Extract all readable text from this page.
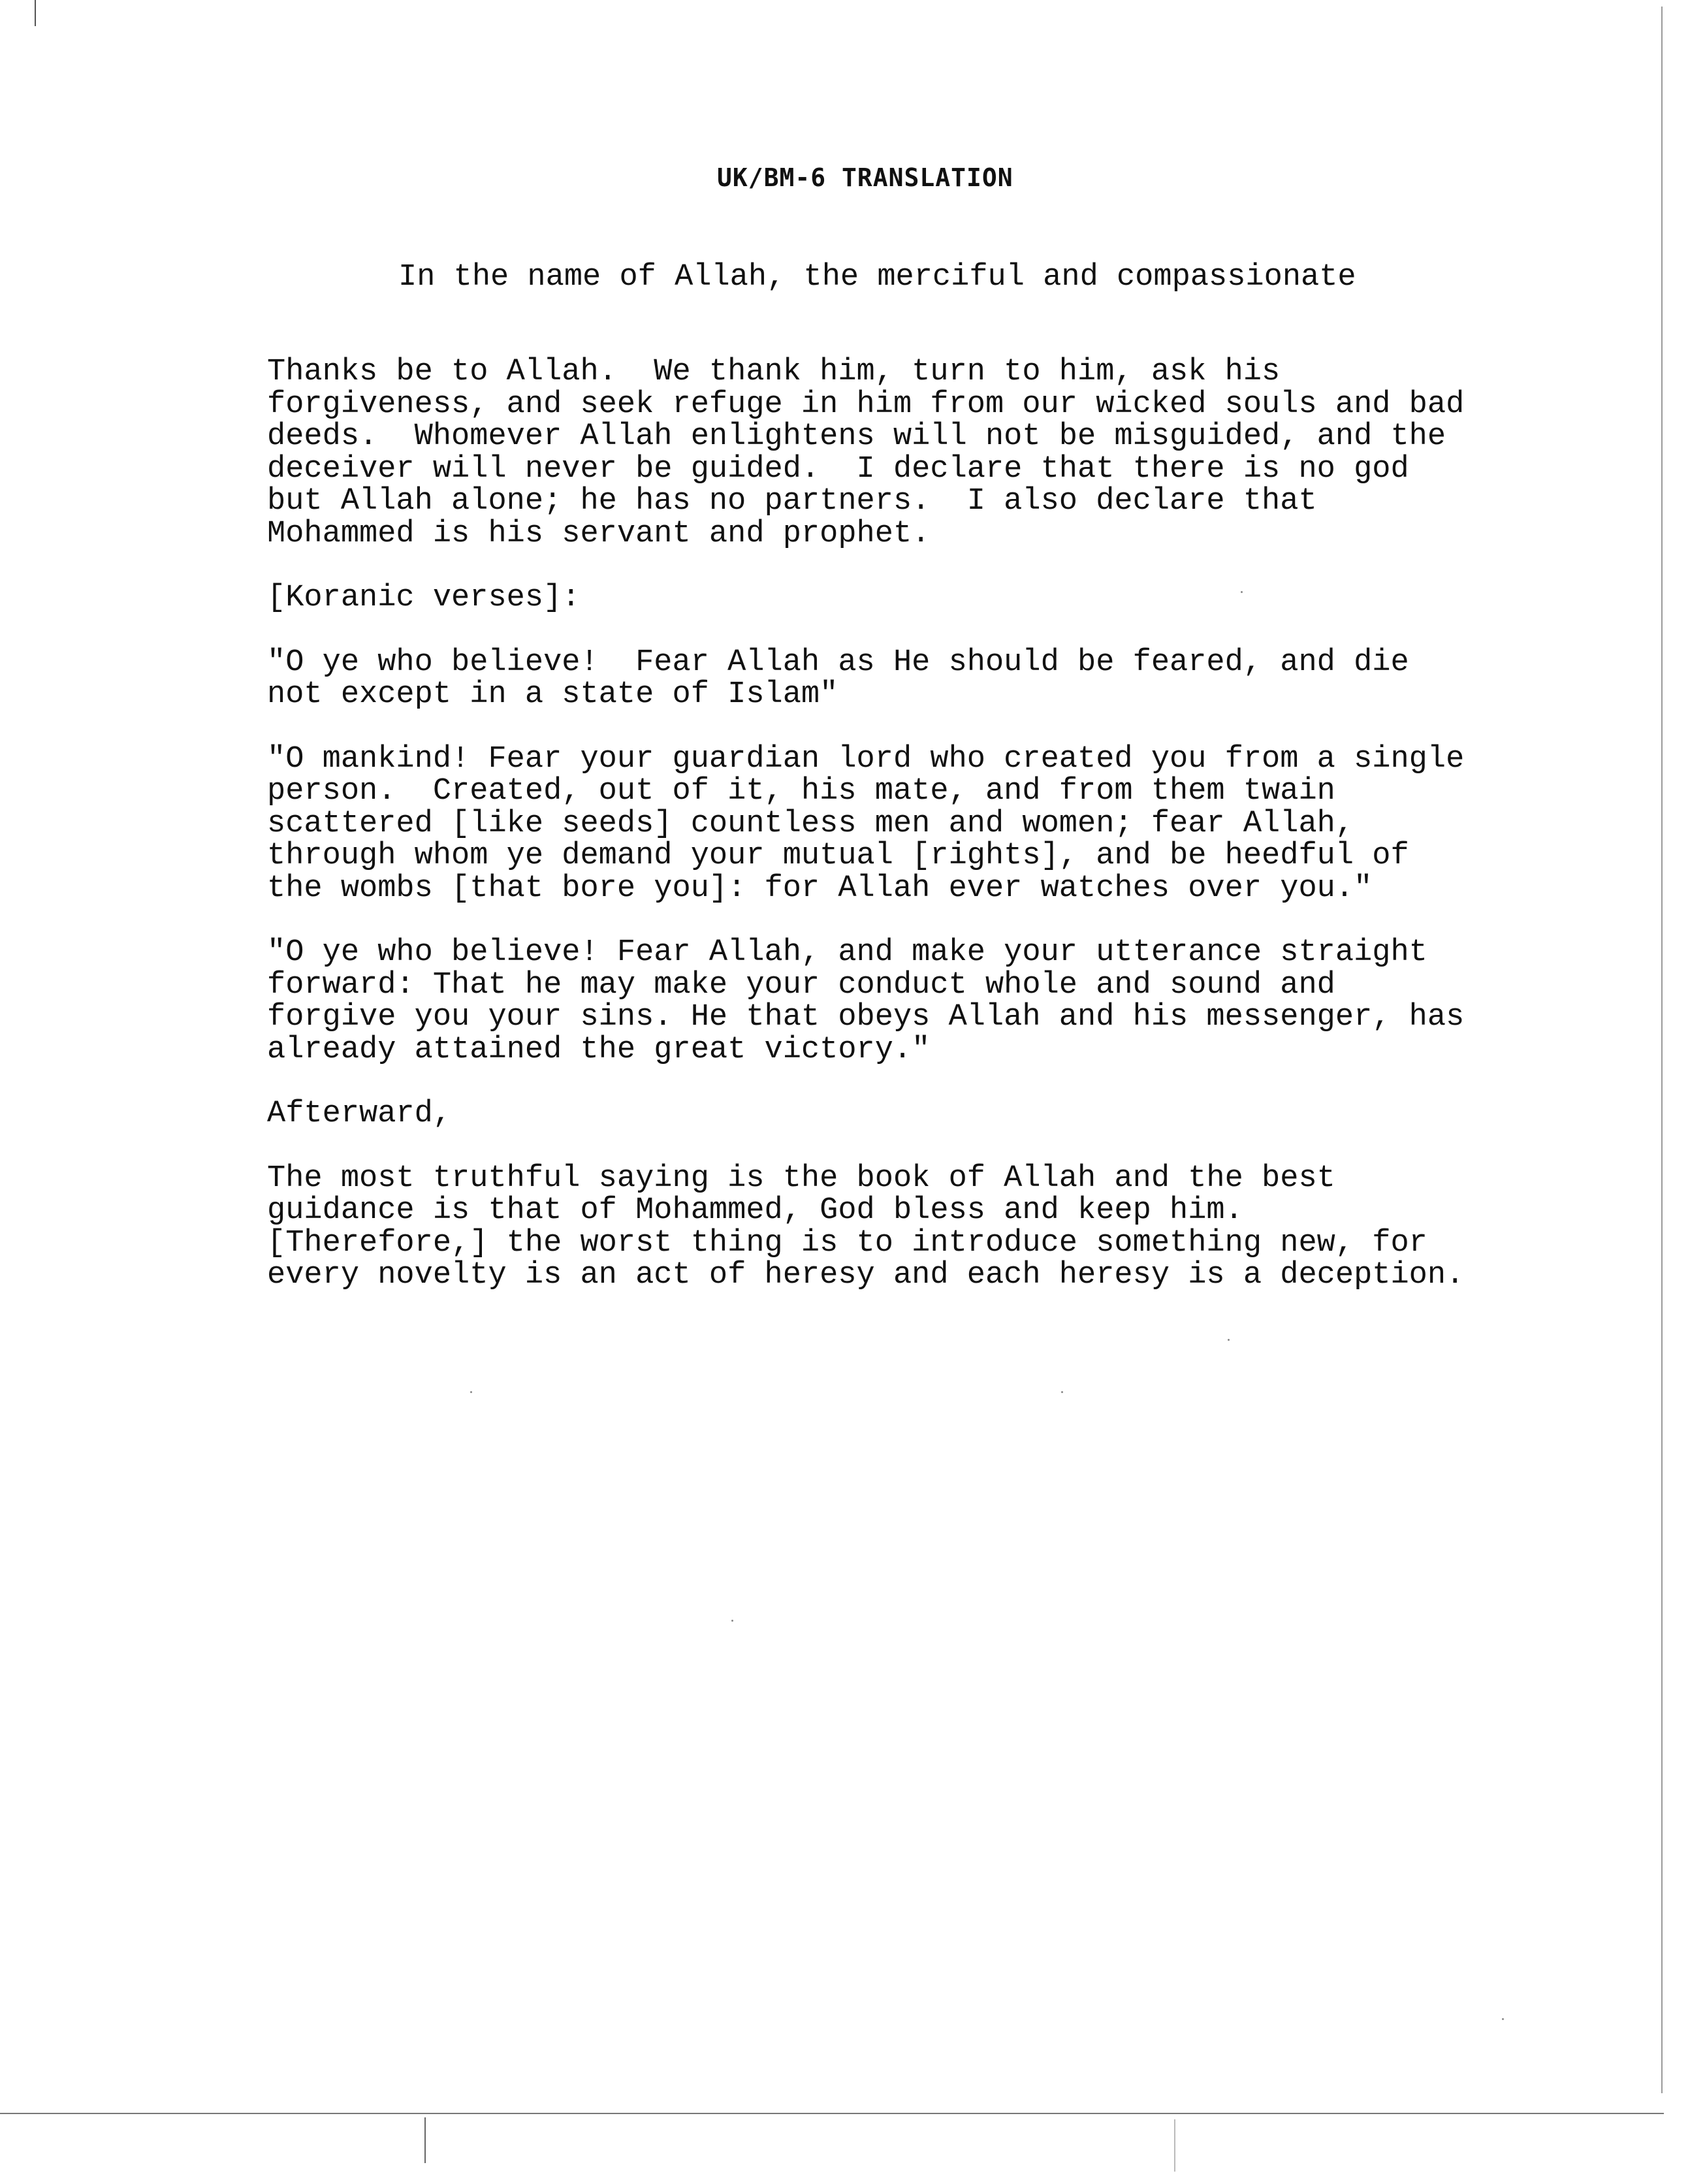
UK/BM-6 TRANSLATION
In the name of Allah, the merciful and compassionate

Thanks be to Allah.  We thank him, turn to him, ask his
forgiveness, and seek refuge in him from our wicked souls and bad
deeds.  Whomever Allah enlightens will not be misguided, and the
deceiver will never be guided.  I declare that there is no god
but Allah alone; he has no partners.  I also declare that
Mohammed is his servant and prophet.

[Koranic verses]:

"O ye who believe!  Fear Allah as He should be feared, and die
not except in a state of Islam"

"O mankind! Fear your guardian lord who created you from a single
person.  Created, out of it, his mate, and from them twain
scattered [like seeds] countless men and women; fear Allah,
through whom ye demand your mutual [rights], and be heedful of
the wombs [that bore you]: for Allah ever watches over you."

"O ye who believe! Fear Allah, and make your utterance straight
forward: That he may make your conduct whole and sound and
forgive you your sins. He that obeys Allah and his messenger, has
already attained the great victory."

Afterward,

The most truthful saying is the book of Allah and the best
guidance is that of Mohammed, God bless and keep him.
[Therefore,] the worst thing is to introduce something new, for
every novelty is an act of heresy and each heresy is a deception.
